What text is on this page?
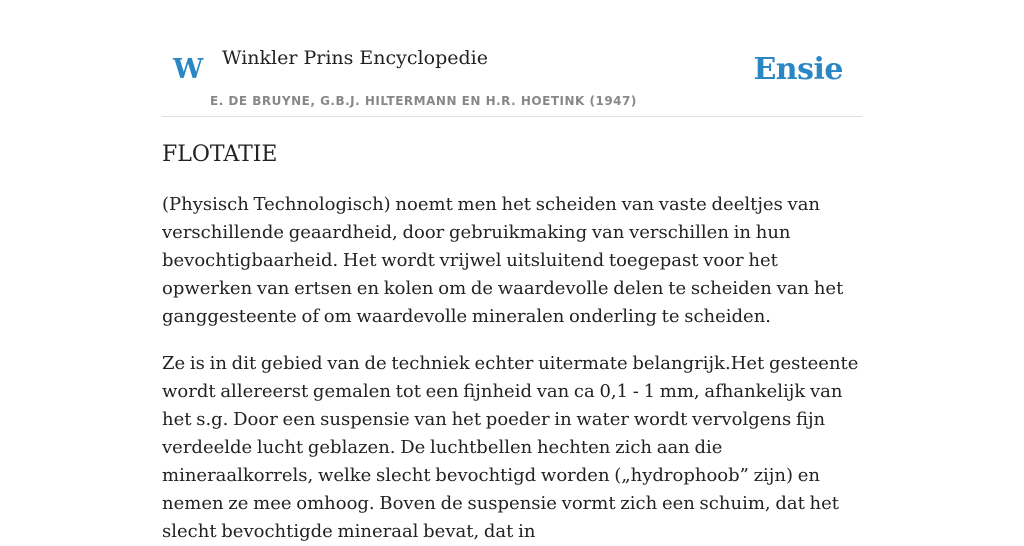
W Winkler Prins Encyclopedie
E. DE BRUYNE, G.B.J. HILTERMANN EN H.R. HOETINK (1947)
Ensie
FLOTATIE

(Physisch Technologisch) noemt men het scheiden van vaste deeltjes van verschillende geaardheid, door gebruikmaking van verschillen in hun bevochtigbaarheid. Het wordt vrijwel uitsluitend toegepast voor het opwerken van ertsen en kolen om de waardevolle delen te scheiden van het ganggesteente of om waardevolle mineralen onderling te scheiden.

Ze is in dit gebied van de techniek echter uitermate belangrijk.Het gesteente wordt allereerst gemalen tot een fijnheid van ca 0,1 - 1 mm, afhankelijk van het s.g. Door een suspensie van het poeder in water wordt vervolgens fijn verdeelde lucht geblazen. De luchtbellen hechten zich aan die mineraalkorrels, welke slecht bevochtigd worden („hydrophoob” zijn) en nemen ze mee omhoog. Boven de suspensie vormt zich een schuim, dat het slecht bevochtigde mineraal bevat, dat in
